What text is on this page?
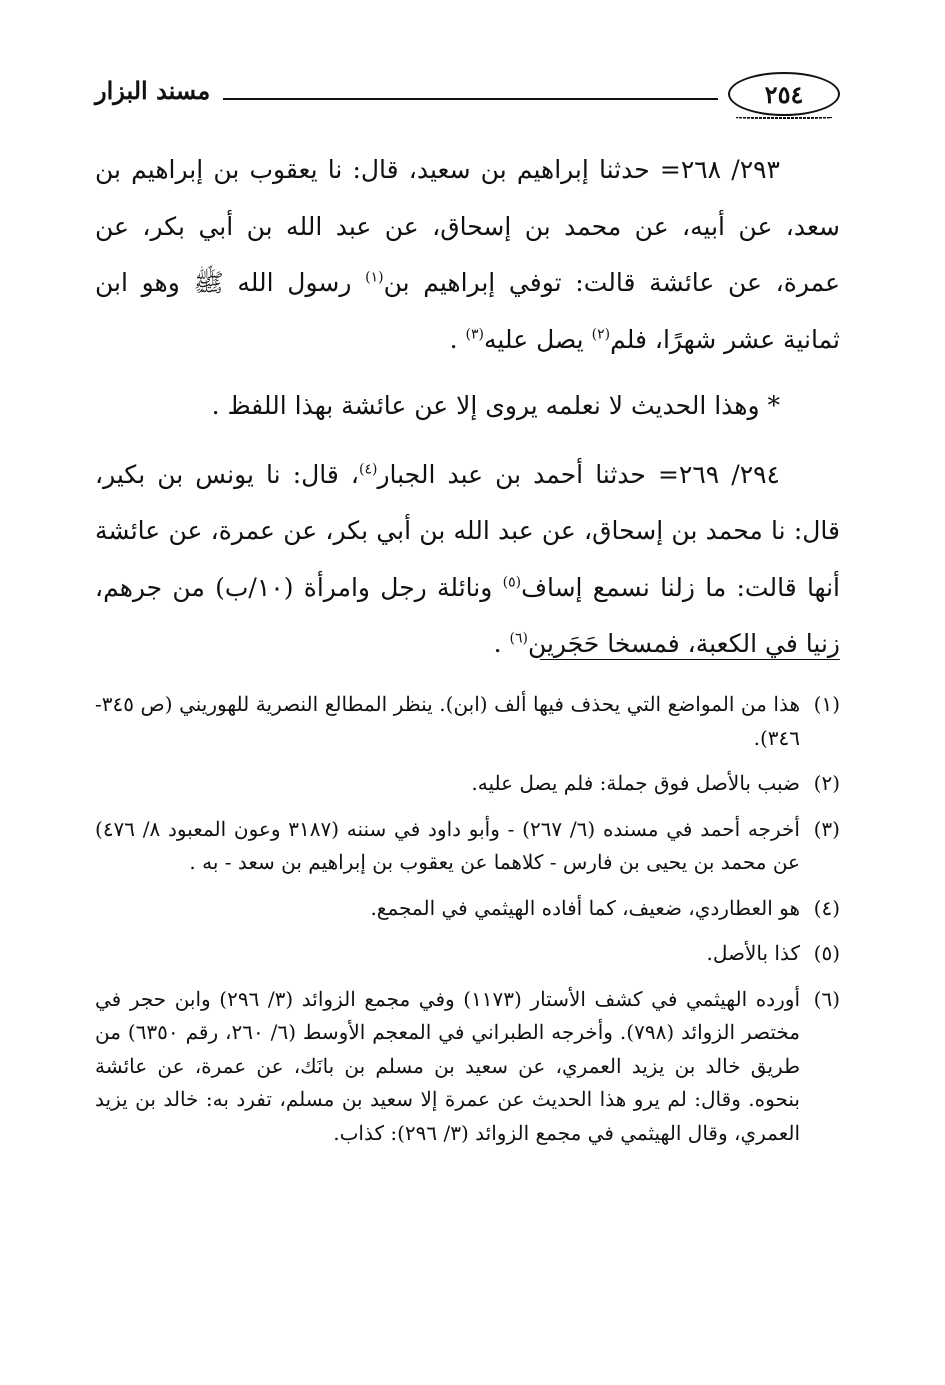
مسند البزار	٢٥٤

٢٩٣/ ٢٦٨= حدثنا إبراهيم بن سعيد، قال: نا يعقوب بن إبراهيم بن سعد، عن أبيه، عن محمد بن إسحاق، عن عبد الله بن أبي بكر، عن عمرة، عن عائشة قالت: توفي إبراهيم بن$^{(١)}$ رسول الله ﷺ وهو ابن ثمانية عشر شهرًا، فلم$^{(٢)}$ يصل عليه$^{(٣)}$ .

* وهذا الحديث لا نعلمه يروى إلا عن عائشة بهذا اللفظ .

٢٩٤/ ٢٦٩= حدثنا أحمد بن عبد الجبار$^{(٤)}$، قال: نا يونس بن بكير، قال: نا محمد بن إسحاق، عن عبد الله بن أبي بكر، عن عمرة، عن عائشة أنها قالت: ما زلنا نسمع إساف$^{(٥)}$ ونائلة رجل وامرأة (١٠/ب) من جرهم، زنيا في الكعبة، فمسخا حَجَرين$^{(٦)}$ .

(١)هذا من المواضع التي يحذف فيها ألف (ابن). ينظر المطالع النصرية للهوريني (ص ٣٤٥- ٣٤٦).

(٢)ضبب بالأصل فوق جملة: فلم يصل عليه.

(٣)أخرجه أحمد في مسنده (٦/ ٢٦٧) - وأبو داود في سننه (٣١٨٧ وعون المعبود ٨/ ٤٧٦) عن محمد بن يحيى بن فارس - كلاهما عن يعقوب بن إبراهيم بن سعد - به .

(٤)هو العطاردي، ضعيف، كما أفاده الهيثمي في المجمع.

(٥)كذا بالأصل.

(٦)أورده الهيثمي في كشف الأستار (١١٧٣) وفي مجمع الزوائد (٣/ ٢٩٦) وابن حجر في مختصر الزوائد (٧٩٨). وأخرجه الطبراني في المعجم الأوسط (٦/ ٢٦٠، رقم ٦٣٥٠) من طريق خالد بن يزيد العمري، عن سعيد بن مسلم بن بانَك، عن عمرة، عن عائشة بنحوه. وقال: لم يرو هذا الحديث عن عمرة إلا سعيد بن مسلم، تفرد به: خالد بن يزيد العمري، وقال الهيثمي في مجمع الزوائد (٣/ ٢٩٦): كذاب.
